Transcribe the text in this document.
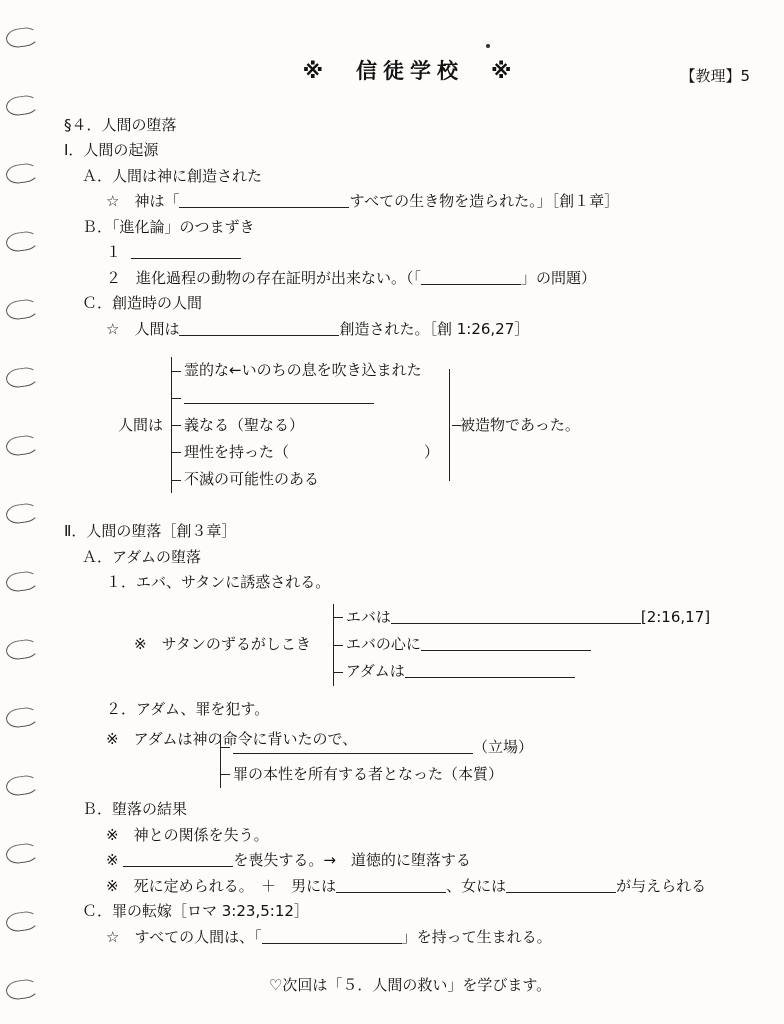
※　信徒学校　※	【教理】5
§４．人間の堕落
Ⅰ．人間の起源
Ａ．人間は神に創造された
☆　神は「	すべての生き物を造られた。」［創１章］
Ｂ．「進化論」のつまずき
１
２　進化過程の動物の存在証明が出来ない。（「	」の問題）
Ｃ．創造時の人間
☆　人間は	創造された。［創 1:26,27］
人間は
霊的な←いのちの息を吹き込まれた
義なる（聖なる）
理性を持った（　　　　　　　　　）
不滅の可能性のある

被造物であった。
Ⅱ．人間の堕落［創３章］
Ａ．アダムの堕落
１．エバ、サタンに誘惑される。
※　サタンのずるがしこき
エバは	[2:16,17]
エバの心に
アダムは
２．アダム、罪を犯す。
※　アダムは神の命令に背いたので、	（立場）
罪の本性を所有する者となった（本質）
Ｂ．堕落の結果
※　神との関係を失う。
※	を喪失する。→　道徳的に堕落する
※　死に定められる。　＋　男には	、女には	が与えられる
Ｃ．罪の転嫁［ロマ 3:23,5:12］
☆　すべての人間は、「	」を持って生まれる。
♡次回は「５．人間の救い」を学びます。
